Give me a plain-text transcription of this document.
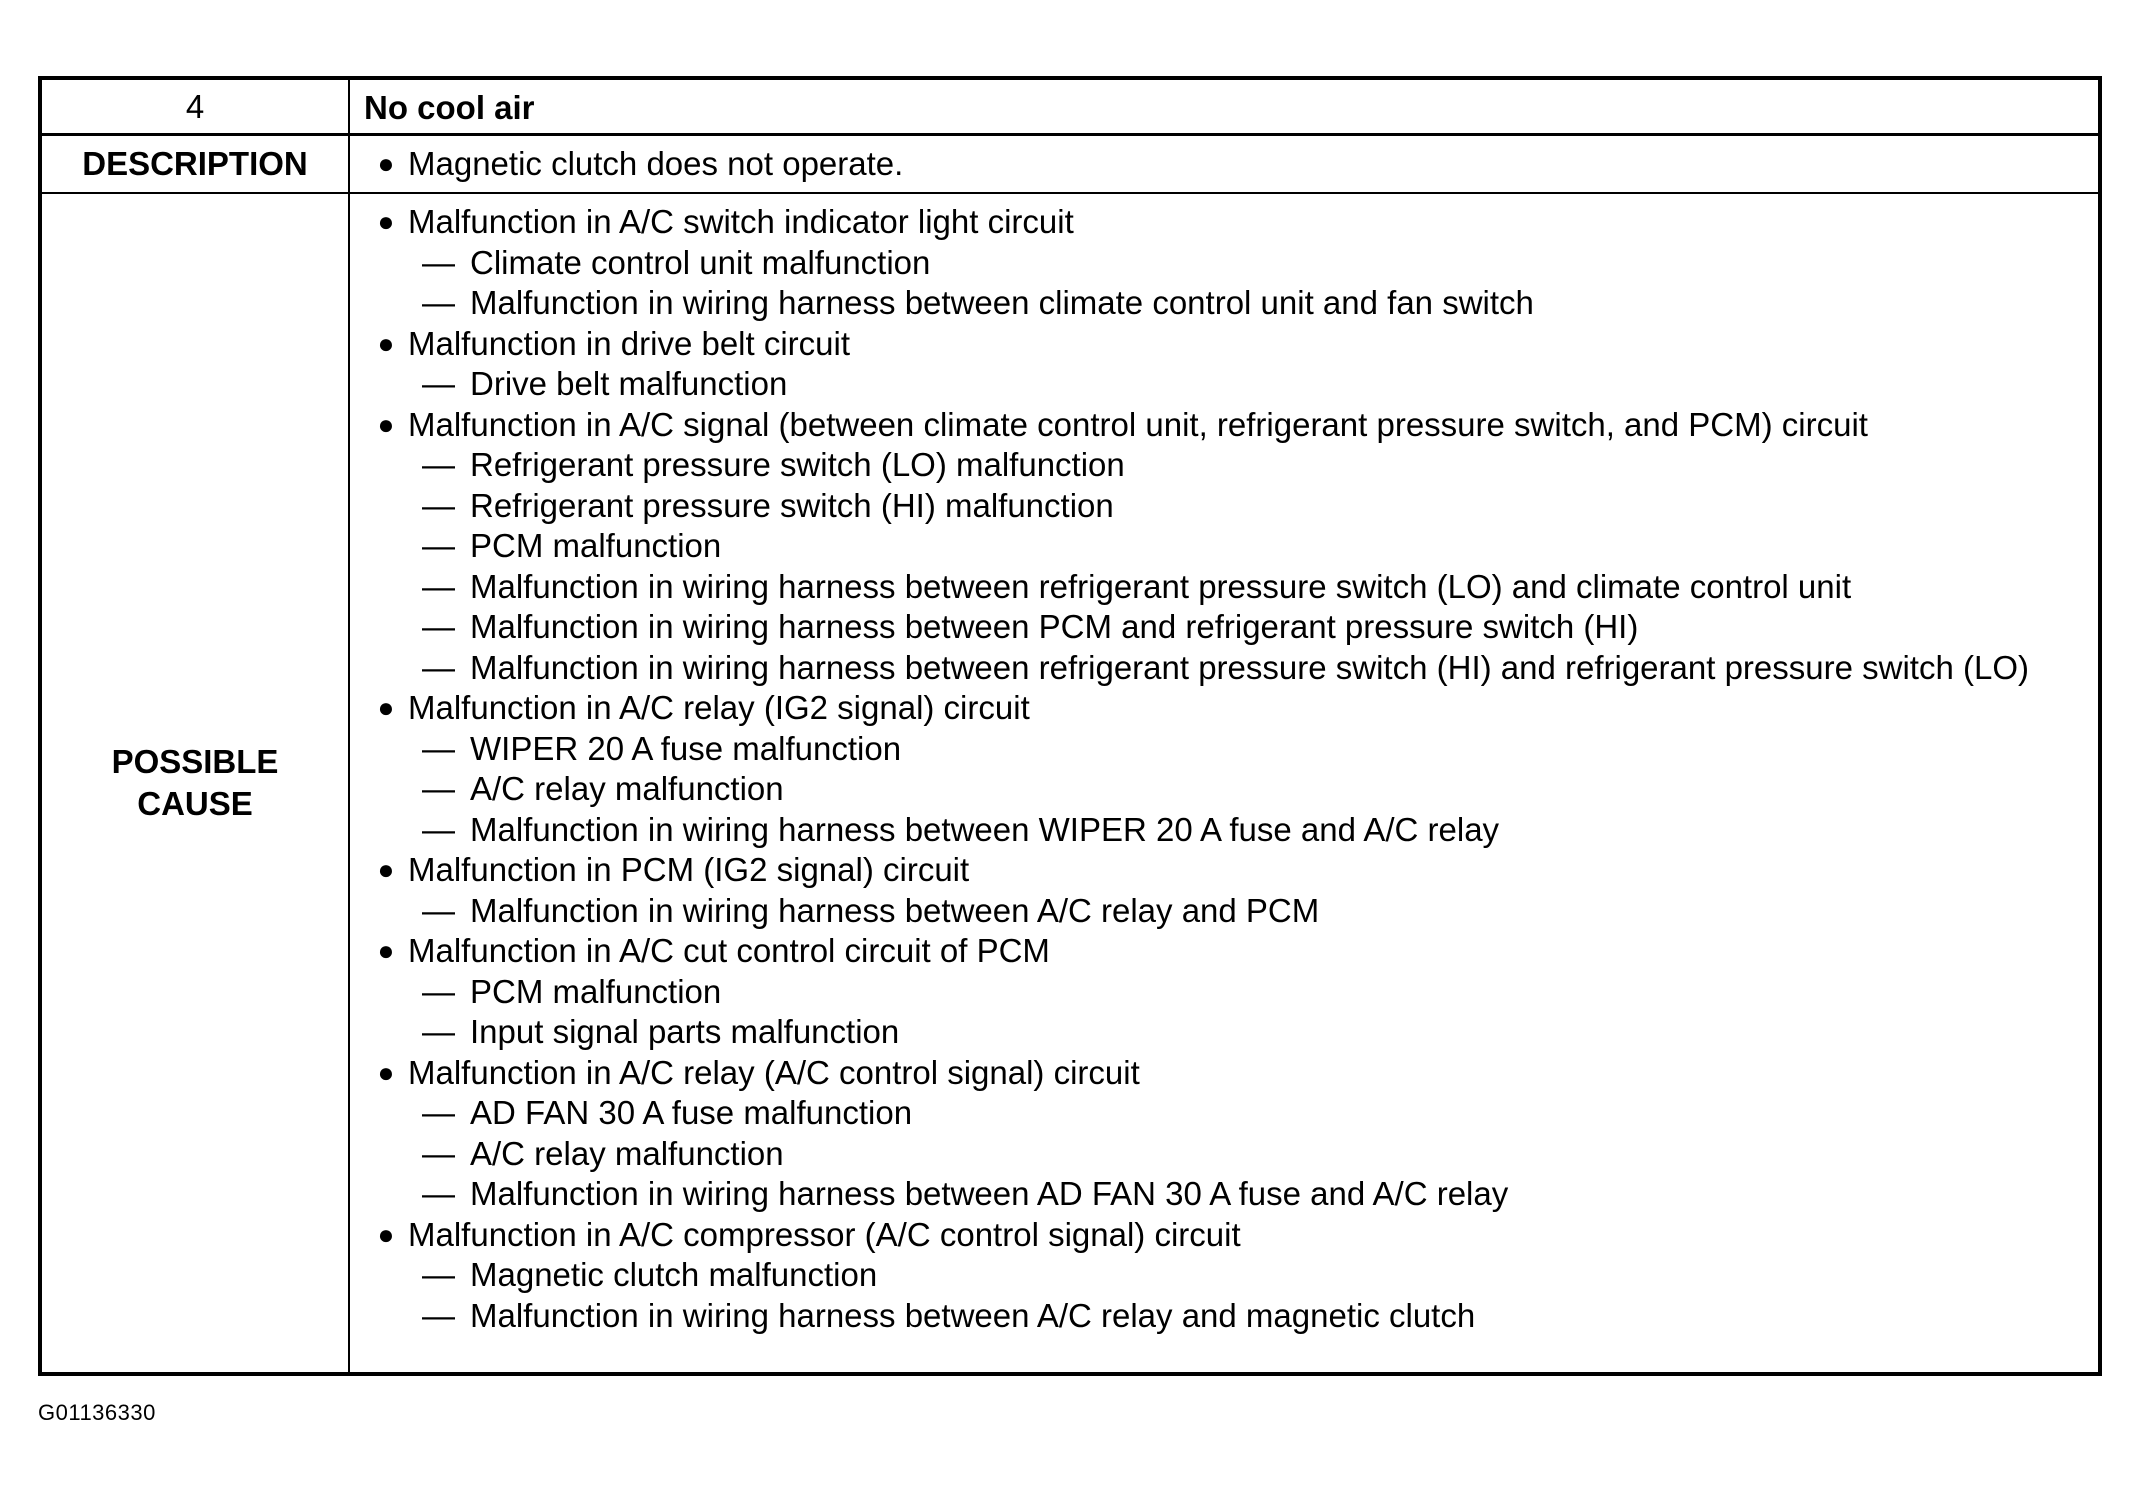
4	No cool air
DESCRIPTION	● Magnetic clutch does not operate.
POSSIBLE
CAUSE
● Malfunction in A/C switch indicator light circuit
— Climate control unit malfunction
— Malfunction in wiring harness between climate control unit and fan switch
● Malfunction in drive belt circuit
— Drive belt malfunction
● Malfunction in A/C signal (between climate control unit, refrigerant pressure switch, and PCM) circuit
— Refrigerant pressure switch (LO) malfunction
— Refrigerant pressure switch (HI) malfunction
— PCM malfunction
— Malfunction in wiring harness between refrigerant pressure switch (LO) and climate control unit
— Malfunction in wiring harness between PCM and refrigerant pressure switch (HI)
— Malfunction in wiring harness between refrigerant pressure switch (HI) and refrigerant pressure switch (LO)
● Malfunction in A/C relay (IG2 signal) circuit
— WIPER 20 A fuse malfunction
— A/C relay malfunction
— Malfunction in wiring harness between WIPER 20 A fuse and A/C relay
● Malfunction in PCM (IG2 signal) circuit
— Malfunction in wiring harness between A/C relay and PCM
● Malfunction in A/C cut control circuit of PCM
— PCM malfunction
— Input signal parts malfunction
● Malfunction in A/C relay (A/C control signal) circuit
— AD FAN 30 A fuse malfunction
— A/C relay malfunction
— Malfunction in wiring harness between AD FAN 30 A fuse and A/C relay
● Malfunction in A/C compressor (A/C control signal) circuit
— Magnetic clutch malfunction
— Malfunction in wiring harness between A/C relay and magnetic clutch
G01136330
